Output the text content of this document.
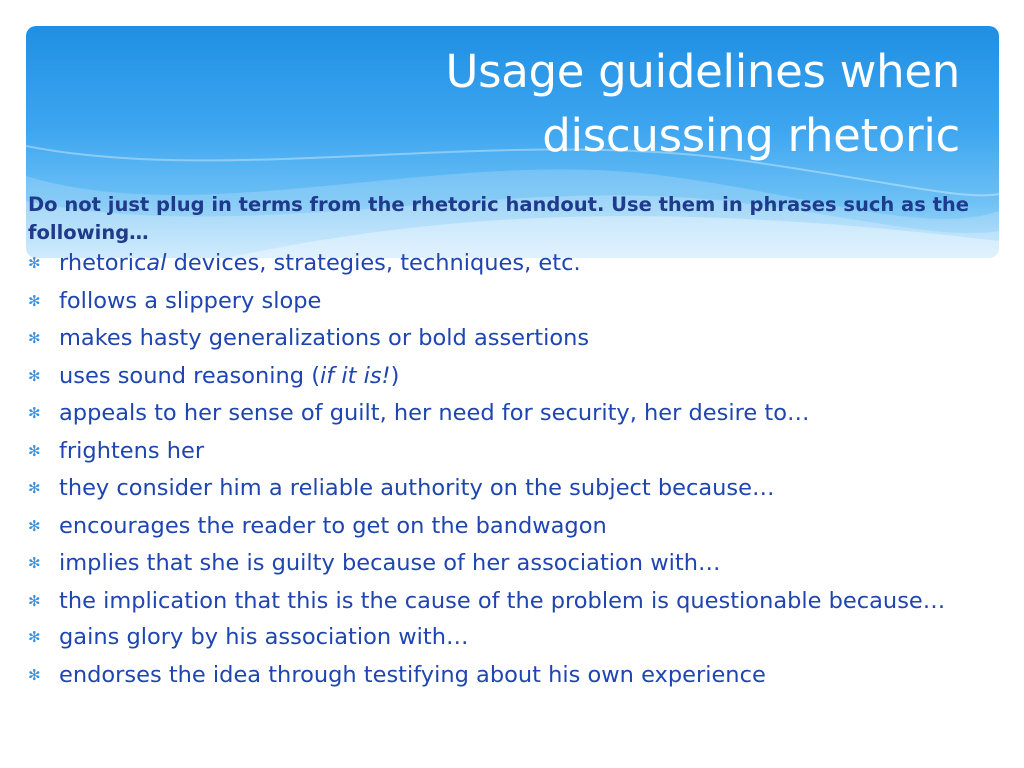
Usage guidelines when
discussing rhetoric

Do not just plug in terms from the rhetoric handout. Use them in phrases such as the following…

✻ rhetorical devices, strategies, techniques, etc.
✻ follows a slippery slope
✻ makes hasty generalizations or bold assertions
✻ uses sound reasoning (if it is!)
✻ appeals to her sense of guilt, her need for security, her desire to…
✻ frightens her
✻ they consider him a reliable authority on the subject because…
✻ encourages the reader to get on the bandwagon
✻ implies that she is guilty because of her association with…
✻ the implication that this is the cause of the problem is questionable because…
✻ gains glory by his association with…
✻ endorses the idea through testifying about his own experience
